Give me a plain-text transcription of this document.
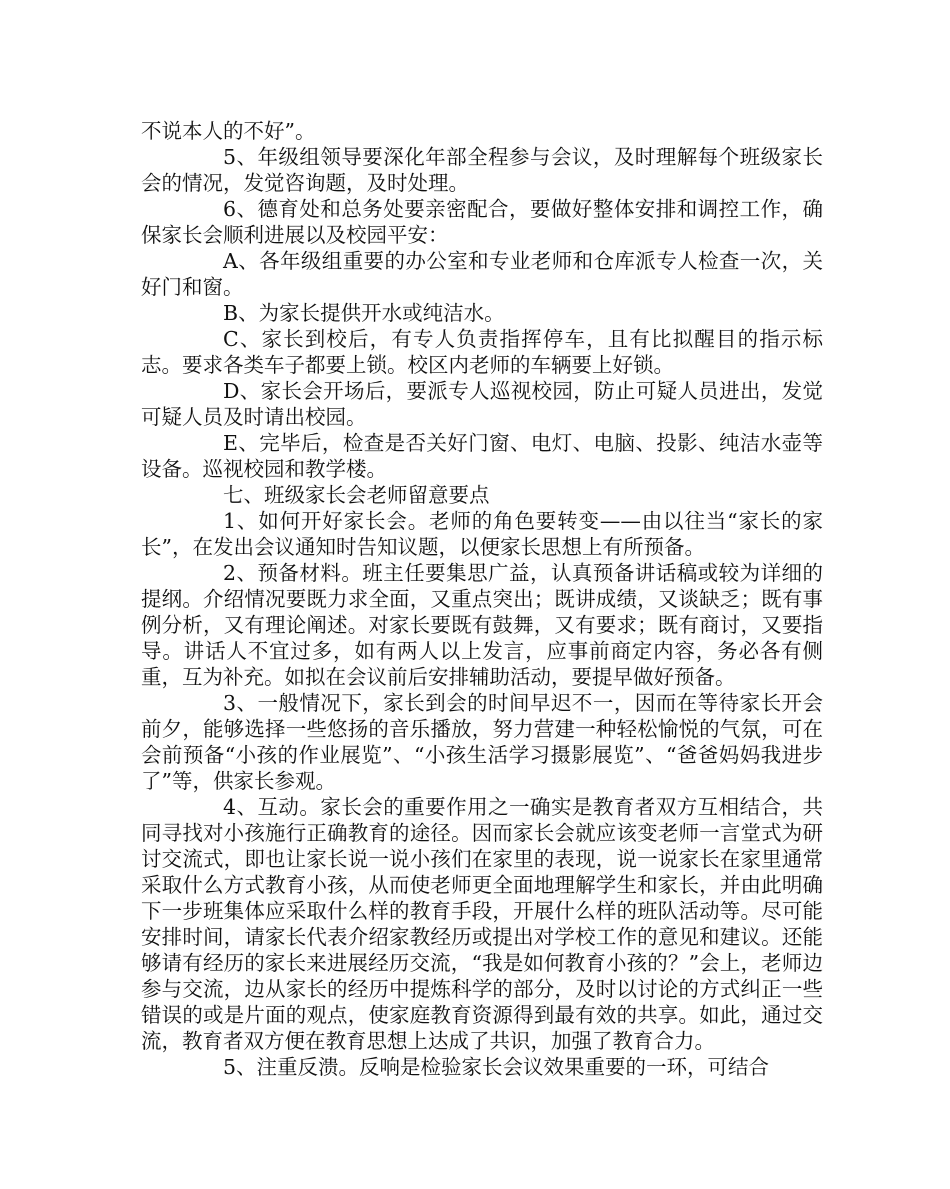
不说本人的不好”。

5、年级组领导要深化年部全程参与会议，及时理解每个班级家长会的情况，发觉咨询题，及时处理。

6、德育处和总务处要亲密配合，要做好整体安排和调控工作，确保家长会顺利进展以及校园平安：

A、各年级组重要的办公室和专业老师和仓库派专人检查一次，关好门和窗。

B、为家长提供开水或纯洁水。

C、家长到校后，有专人负责指挥停车，且有比拟醒目的指示标志。要求各类车子都要上锁。校区内老师的车辆要上好锁。

D、家长会开场后，要派专人巡视校园，防止可疑人员进出，发觉可疑人员及时请出校园。

E、完毕后，检查是否关好门窗、电灯、电脑、投影、纯洁水壶等设备。巡视校园和教学楼。

七、班级家长会老师留意要点

1、如何开好家长会。老师的角色要转变——由以往当“家长的家长”，在发出会议通知时告知议题，以便家长思想上有所预备。

2、预备材料。班主任要集思广益，认真预备讲话稿或较为详细的提纲。介绍情况要既力求全面，又重点突出；既讲成绩，又谈缺乏；既有事例分析，又有理论阐述。对家长要既有鼓舞，又有要求；既有商讨，又要指导。讲话人不宜过多，如有两人以上发言，应事前商定内容，务必各有侧重，互为补充。如拟在会议前后安排辅助活动，要提早做好预备。

3、一般情况下，家长到会的时间早迟不一，因而在等待家长开会前夕，能够选择一些悠扬的音乐播放，努力营建一种轻松愉悦的气氛，可在会前预备“小孩的作业展览”、“小孩生活学习摄影展览”、“爸爸妈妈我进步了”等，供家长参观。

4、互动。家长会的重要作用之一确实是教育者双方互相结合，共同寻找对小孩施行正确教育的途径。因而家长会就应该变老师一言堂式为研讨交流式，即也让家长说一说小孩们在家里的表现，说一说家长在家里通常采取什么方式教育小孩，从而使老师更全面地理解学生和家长，并由此明确下一步班集体应采取什么样的教育手段，开展什么样的班队活动等。尽可能安排时间，请家长代表介绍家教经历或提出对学校工作的意见和建议。还能够请有经历的家长来进展经历交流，“我是如何教育小孩的？”会上，老师边参与交流，边从家长的经历中提炼科学的部分，及时以讨论的方式纠正一些错误的或是片面的观点，使家庭教育资源得到最有效的共享。如此，通过交流，教育者双方便在教育思想上达成了共识，加强了教育合力。

5、注重反溃。反响是检验家长会议效果重要的一环，可结合
